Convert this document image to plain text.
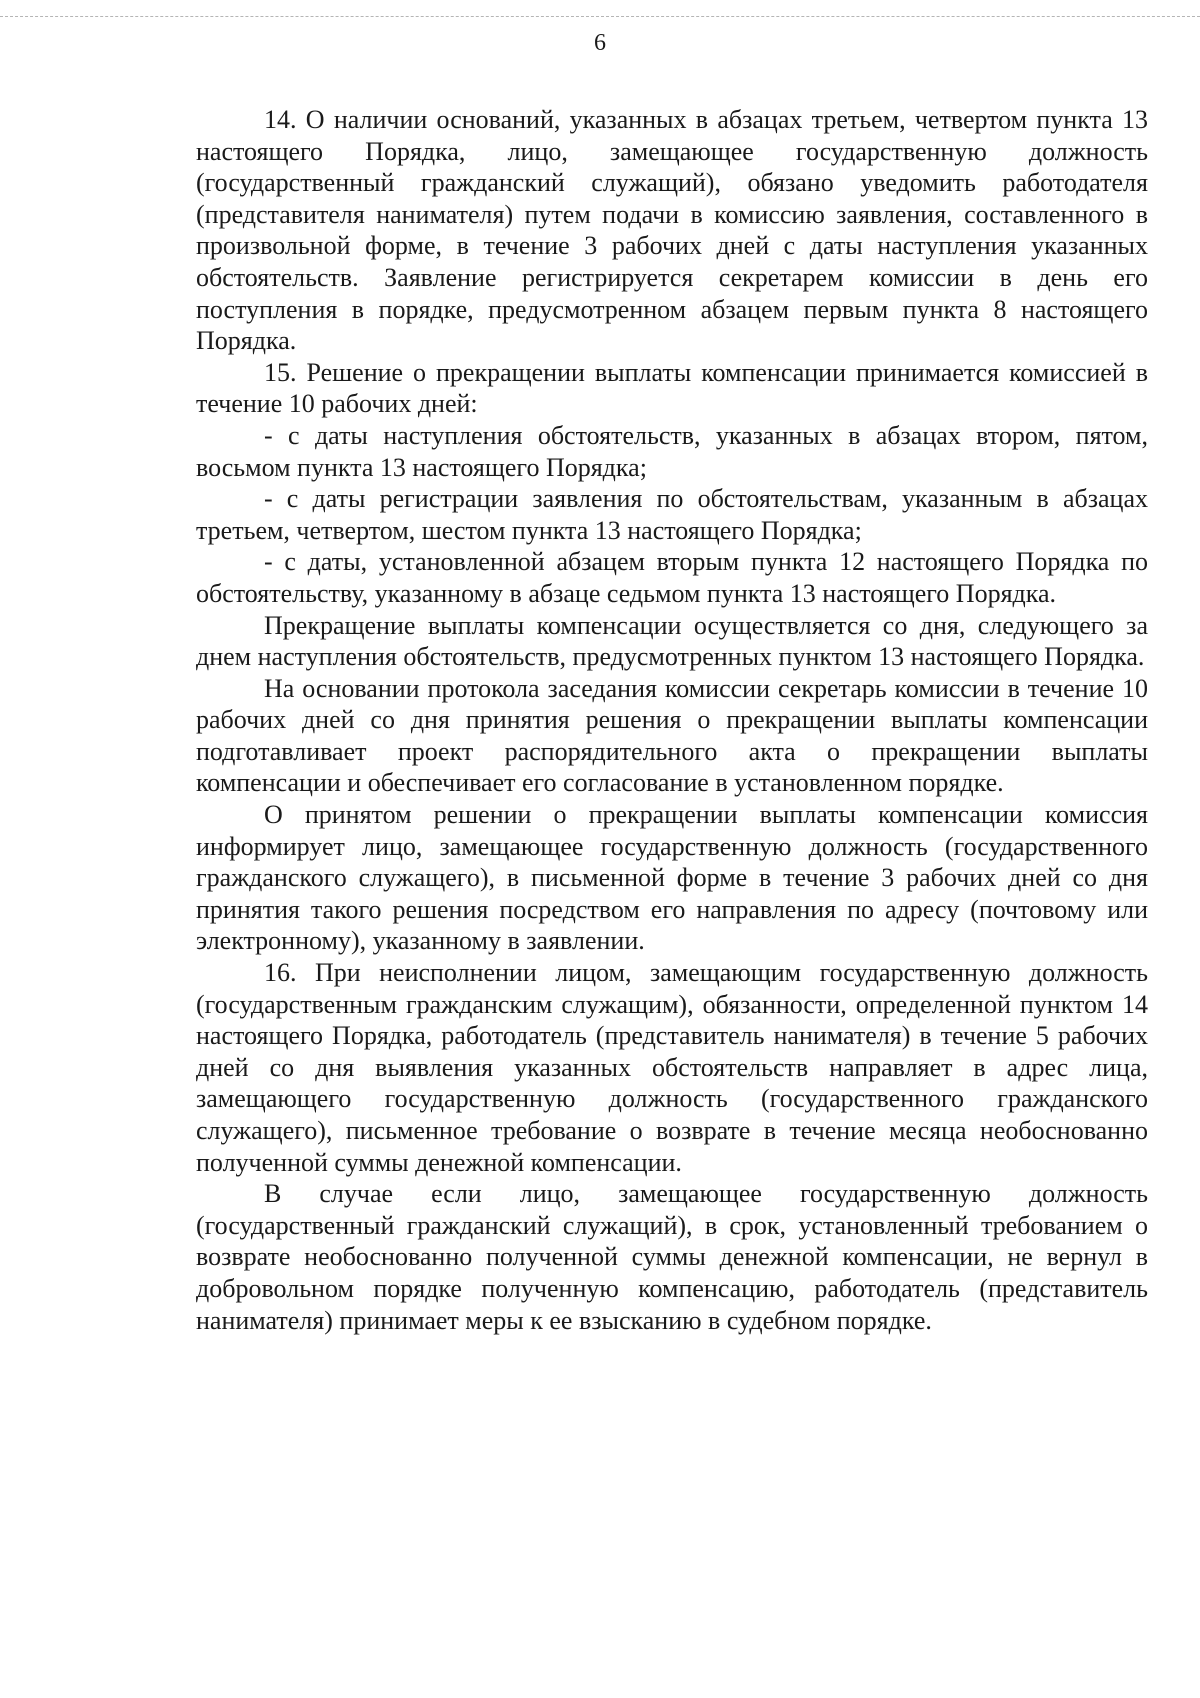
6

14. О наличии оснований, указанных в абзацах третьем, четвертом пункта 13 настоящего Порядка, лицо, замещающее государственную должность (государственный гражданский служащий), обязано уведомить работодателя (представителя нанимателя) путем подачи в комиссию заявления, составленного в произвольной форме, в течение 3 рабочих дней с даты наступления указанных обстоятельств. Заявление регистрируется секретарем комиссии в день его поступления в порядке, предусмотренном абзацем первым пункта 8 настоящего Порядка.

15. Решение о прекращении выплаты компенсации принимается комиссией в течение 10 рабочих дней:

- с даты наступления обстоятельств, указанных в абзацах втором, пятом, восьмом пункта 13 настоящего Порядка;

- с даты регистрации заявления по обстоятельствам, указанным в абзацах третьем, четвертом, шестом пункта 13 настоящего Порядка;

- с даты, установленной абзацем вторым пункта 12 настоящего Порядка по обстоятельству, указанному в абзаце седьмом пункта 13 настоящего Порядка.

Прекращение выплаты компенсации осуществляется со дня, следующего за днем наступления обстоятельств, предусмотренных пунктом 13 настоящего Порядка.

На основании протокола заседания комиссии секретарь комиссии в течение 10 рабочих дней со дня принятия решения о прекращении выплаты компенсации подготавливает проект распорядительного акта о прекращении выплаты компенсации и обеспечивает его согласование в установленном порядке.

О принятом решении о прекращении выплаты компенсации комиссия информирует лицо, замещающее государственную должность (государственного гражданского служащего), в письменной форме в течение 3 рабочих дней со дня принятия такого решения посредством его направления по адресу (почтовому или электронному), указанному в заявлении.

16. При неисполнении лицом, замещающим государственную должность (государственным гражданским служащим), обязанности, определенной пунктом 14 настоящего Порядка, работодатель (представитель нанимателя) в течение 5 рабочих дней со дня выявления указанных обстоятельств направляет в адрес лица, замещающего государственную должность (государственного гражданского служащего), письменное требование о возврате в течение месяца необоснованно полученной суммы денежной компенсации.

В случае если лицо, замещающее государственную должность (государственный гражданский служащий), в срок, установленный требованием о возврате необоснованно полученной суммы денежной компенсации, не вернул в добровольном порядке полученную компенсацию, работодатель (представитель нанимателя) принимает меры к ее взысканию в судебном порядке.
